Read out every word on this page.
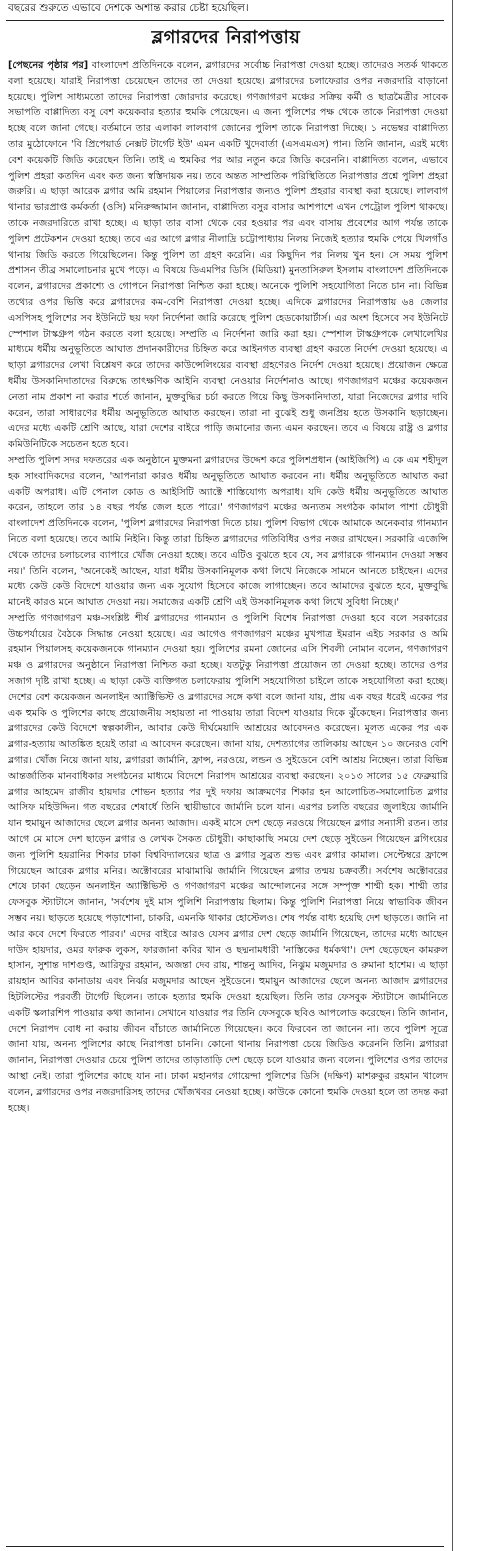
বছরের শুরুতে এভাবে দেশকে অশান্ত করার চেষ্টা হয়েছিল।
ব্লগারদের নিরাপত্তায়

[পেছনের পৃষ্ঠার পর] বাংলাদেশ প্রতিদিনকে বলেন, ব্লগারদের সর্বোচ্চ নিরাপত্তা দেওয়া হচ্ছে। তাদেরও সতর্ক থাকতে বলা হয়েছে। যারাই নিরাপত্তা চেয়েছেন তাদের তা দেওয়া হয়েছে। ব্লগারদের চলাফেরার ওপর নজরদারি বাড়ানো হয়েছে। পুলিশ সাধ্যমতো তাদের নিরাপত্তা জোরদার করেছে। গণজাগরণ মঞ্চের সক্রিয় কর্মী ও ছাত্রমৈত্রীর সাবেক সভাপতি বাপ্পাদিত্য বসু বেশ কয়েকবার হত্যার হুমকি পেয়েছেন। এ জন্য পুলিশের পক্ষ থেকে তাকে নিরাপত্তা দেওয়া হচ্ছে বলে জানা গেছে। বর্তমানে তার এলাকা লালবাগ জোনের পুলিশ তাকে নিরাপত্তা দিচ্ছে। ১ নভেম্বর বাপ্পাদিত্য তার মুঠোফোনে 'বি প্রিপেয়ার্ড নেক্সট টার্গেট ইউ' এমন একটি খুদেবার্তা (এসএমএস) পান। তিনি জানান, এরই মধ্যে বেশ কয়েকটি জিডি করেছেন তিনি। তাই এ হুমকির পর আর নতুন করে জিডি করেননি। বাপ্পাদিত্য বলেন, এভাবে পুলিশ প্রহরা কতদিন এবং কত জন্য স্বস্তিদায়ক নয়। তবে অন্তত সাম্প্রতিক পরিস্থিতিতে নিরাপত্তার প্রশ্নে পুলিশ প্রহরা জরুরি। এ ছাড়া আরেক ব্লগার অমি রহমান পিয়ালের নিরাপত্তার জন্যও পুলিশ প্রহরার ব্যবস্থা করা হয়েছে। লালবাগ থানার ভারপ্রাপ্ত কর্মকর্তা (ওসি) মনিরুজ্জামান জানান, বাপ্পাদিত্য বসুর বাসার আশপাশে এখন পেট্রোল পুলিশ থাকছে। তাকে নজরদারিতে রাখা হচ্ছে। এ ছাড়া তার বাসা থেকে বের হওয়ার পর এবং বাসায় প্রবেশের আগ পর্যন্ত তাকে পুলিশ প্রটেকশন দেওয়া হচ্ছে। তবে এর আগে ব্লগার নীলাদ্রি চট্টোপাধ্যায় নিলয় নিজেই হত্যার হুমকি পেয়ে খিলগাঁও থানায় জিডি করতে গিয়েছিলেন। কিন্তু পুলিশ তা গ্রহণ করেনি। এর কিছুদিন পর নিলয় খুন হন। সে সময় পুলিশ প্রশাসন তীব্র সমালোচনার মুখে পড়ে। এ বিষয়ে ডিএমপির ডিসি (মিডিয়া) মুনতাসিরুল ইসলাম বাংলাদেশ প্রতিদিনকে বলেন, ব্লগারদের প্রকাশ্যে ও গোপনে নিরাপত্তা নিশ্চিত করা হচ্ছে। অনেকে পুলিশি সহযোগিতা নিতে চান না। বিভিন্ন তথ্যের ওপর ভিত্তি করে ব্লগারদের কম-বেশি নিরাপত্তা দেওয়া হচ্ছে। এদিকে ব্লগারদের নিরাপত্তায় ৬৪ জেলার এসপিসহ পুলিশের সব ইউনিটে ছয় দফা নির্দেশনা জারি করেছে পুলিশ হেডকোয়ার্টার্স। এর অংশ হিসেবে সব ইউনিটে স্পেশাল টাস্কগ্রুপ গঠন করতে বলা হয়েছে। সম্প্রতি এ নির্দেশনা জারি করা হয়। স্পেশাল টাস্কগ্রুপকে লেখালেখির মাধ্যমে ধর্মীয় অনুভূতিতে আঘাত প্রদানকারীদের চিহ্নিত করে আইনগত ব্যবস্থা গ্রহণ করতে নির্দেশ দেওয়া হয়েছে। এ ছাড়া ব্লগারদের লেখা বিশ্লেষণ করে তাদের কাউন্সেলিংয়ের ব্যবস্থা গ্রহণেরও নির্দেশ দেওয়া হয়েছে। প্রয়োজন ক্ষেত্রে ধর্মীয় উসকানিদাতাদের বিরুদ্ধে তাৎক্ষণিক আইনি ব্যবস্থা নেওয়ার নির্দেশনাও আছে। গণজাগরণ মঞ্চের কয়েকজন নেতা নাম প্রকাশ না করার শর্তে জানান, মুক্তবুদ্ধির চর্চা করতে গিয়ে কিছু উসকানিদাতা, যারা নিজেদের ব্লগার দাবি করেন, তারা সাধারণের ধর্মীয় অনুভূতিতে আঘাত করছেন। তারা না বুঝেই শুধু জনপ্রিয় হতে উসকানি ছড়াচ্ছেন। এদের মধ্যে একটি শ্রেণি আছে, যারা দেশের বাইরে পাড়ি জমানোর জন্য এমন করছেন। তবে এ বিষয়ে রাষ্ট্র ও ব্লগার কমিউনিটিকে সচেতন হতে হবে।

সম্প্রতি পুলিশ সদর দফতরের এক অনুষ্ঠানে মুক্তমনা ব্লগারদের উদ্দেশ করে পুলিশপ্রধান (আইজিপি) এ কে এম শহীদুল হক সাংবাদিকদের বলেন, 'আপনারা কারও ধর্মীয় অনুভূতিতে আঘাত করবেন না। ধর্মীয় অনুভূতিতে আঘাত করা একটি অপরাধ। এটি পেনাল কোড ও আইসিটি অ্যাক্টে শাস্তিযোগ্য অপরাধ। যদি কেউ ধর্মীয় অনুভূতিতে আঘাত করেন, তাহলে তার ১৪ বছর পর্যন্ত জেল হতে পারে।' গণজাগরণ মঞ্চের অন্যতম সংগঠক কামাল পাশা চৌধুরী বাংলাদেশ প্রতিদিনকে বলেন, 'পুলিশ ব্লগারদের নিরাপত্তা দিতে চায়। পুলিশ বিভাগ থেকে আমাকে অনেকবার গানম্যান নিতে বলা হয়েছে। তবে আমি নিইনি। কিন্তু তারা চিহ্নিত ব্লগারদের গতিবিধির ওপর নজর রাখছেন। সরকারি এজেন্সি থেকে তাদের চলাচলের ব্যাপারে খোঁজ নেওয়া হচ্ছে। তবে এটিও বুঝতে হবে যে, সব ব্লগারকে গানম্যান দেওয়া সম্ভব নয়।' তিনি বলেন, 'অনেকেই আছেন, যারা ধর্মীয় উসকানিমূলক কথা লিখে নিজেকে সামনে আনতে চাইছেন। এদের মধ্যে কেউ কেউ বিদেশে যাওয়ার জন্য এক সুযোগ হিসেবে কাজে লাগাচ্ছেন। তবে আমাদের বুঝতে হবে, মুক্তবুদ্ধি মানেই কারও মনে আঘাত দেওয়া নয়। সমাজের একটি শ্রেণি এই উসকানিমূলক কথা লিখে সুবিধা নিচ্ছে।'

সম্প্রতি গণজাগরণ মঞ্চ-সংশ্লিষ্ট শীর্ষ ব্লগারদের গানম্যান ও পুলিশি বিশেষ নিরাপত্তা দেওয়া হবে বলে সরকারের উচ্চপর্যায়ের বৈঠকে সিদ্ধান্ত নেওয়া হয়েছে। এর আগেও গণজাগরণ মঞ্চের মুখপাত্র ইমরান এইচ সরকার ও অমি রহমান পিয়ালসহ কয়েকজনকে গানম্যান দেওয়া হয়। পুলিশের রমনা জোনের এসি শিবলী নোমান বলেন, গণজাগরণ মঞ্চ ও ব্লগারদের অনুষ্ঠানে নিরাপত্তা নিশ্চিত করা হচ্ছে। যতটুকু নিরাপত্তা প্রয়োজন তা দেওয়া হচ্ছে। তাদের ওপর সজাগ দৃষ্টি রাখা হচ্ছে। এ ছাড়া কেউ ব্যক্তিগত চলাফেরায় পুলিশি সহযোগিতা চাইলে তাকে সহযোগিতা করা হচ্ছে। দেশের বেশ কয়েকজন অনলাইন অ্যাক্টিভিস্ট ও ব্লগারদের সঙ্গে কথা বলে জানা যায়, প্রায় এক বছর ধরেই একের পর এক হুমকি ও পুলিশের কাছে প্রয়োজনীয় সহায়তা না পাওয়ায় তারা বিদেশ যাওয়ার দিকে ঝুঁকেছেন। নিরাপত্তার জন্য ব্লগারদের কেউ বিদেশে স্বল্পকালীন, আবার কেউ দীর্ঘমেয়াদি আশ্রয়ের আবেদনও করেছেন। মূলত একের পর এক ব্লগার-হত্যায় আতঙ্কিত হয়েই তারা এ আবেদন করেছেন। জানা যায়, দেশত্যাগের তালিকায় আছেন ১০ জনেরও বেশি ব্লগার। খোঁজ নিয়ে জানা যায়, ব্লগাররা জার্মানি, ফ্রান্স, নরওয়ে, লন্ডন ও সুইডেনে বেশি আশ্রয় নিচ্ছেন। তারা বিভিন্ন আন্তর্জাতিক মানবাধিকার সংগঠনের মাধ্যমে বিদেশে নিরাপদ আশ্রয়ের ব্যবস্থা করছেন। ২০১৩ সালের ১৫ ফেব্রুয়ারি ব্লগার আহমেদ রাজীব হায়দার শোভন হত্যার পর দুই দফায় আক্রমণের শিকার হন আলোচিত-সমালোচিত ব্লগার আসিফ মহিউদ্দিন। গত বছরের শেষার্ধে তিনি স্থায়ীভাবে জার্মানি চলে যান। এরপর চলতি বছরের জুলাইয়ে জার্মানি যান হুমায়ুন আজাদের ছেলে ব্লগার অনন্য আজাদ। একই মাসে দেশ ছেড়ে নরওয়ে গিয়েছেন ব্লগার সন্যাসী রতন। তার আগে মে মাসে দেশ ছাড়েন ব্লগার ও লেখক সৈকত চৌধুরী। কাছাকাছি সময়ে দেশ ছেড়ে সুইডেন গিয়েছেন ব্লগিংয়ের জন্য পুলিশি হয়রানির শিকার ঢাকা বিশ্ববিদ্যালয়ের ছাত্র ও ব্লগার সুব্রত শুভ এবং ব্লগার কামাল। সেপ্টেম্বরে ফ্রান্সে গিয়েছেন আরেক ব্লগার মনির। অক্টোবরের মাঝামাঝি জার্মানি গিয়েছেন ব্লগার তন্ময় চক্রবর্তী। সর্বশেষ অক্টোবরের শেষে ঢাকা ছেড়েন অনলাইন অ্যাক্টিভিস্ট ও গণজাগরণ মঞ্চের আন্দোলনের সঙ্গে সম্পৃক্ত শাম্মী হক। শাম্মী তার ফেসবুক স্ট্যাটাসে জানান, 'সর্বশেষ দুই মাস পুলিশি নিরাপত্তায় ছিলাম। কিন্তু পুলিশি নিরাপত্তা নিয়ে স্বাভাবিক জীবন সম্ভব নয়। ছাড়তে হয়েছে পড়াশোনা, চাকরি, এমনকি থাকার হোস্টেলও। শেষ পর্যন্ত বাধ্য হয়েছি দেশ ছাড়তে। জানি না আর কবে দেশে ফিরতে পারব।' এদের বাইরে আরও যেসব ব্লগার দেশ ছেড়ে জার্মানি গিয়েছেন, তাদের মধ্যে আছেন দাউদ হায়দার, ওমর ফারুক লুকস, ফারজানা কবির খান ও ছদ্মনামধারী 'নাস্তিকের ধর্মকথা'। দেশ ছেড়েছেন কামরুল হাসান, সুশান্ত দাশগুপ্ত, আরিফুর রহমান, অজন্তা দেব রায়, শান্তনু আদিব, নিঝুম মজুমদার ও রুমানা হাশেম। এ ছাড়া রায়হান আবির কানাডায় এবং নির্ঝর মজুমদার আছেন সুইডেনে। হুমায়ুন আজাদের ছেলে অনন্য আজাদ ব্লগারদের হিটলিস্টের পরবর্তী টার্গেট ছিলেন। তাকে হত্যার হুমকি দেওয়া হয়েছিল। তিনি তার ফেসবুক স্ট্যাটাসে জার্মানিতে একটি স্কলারশিপ পাওয়ার কথা জানান। সেখানে যাওয়ার পর তিনি ফেসবুকে ছবিও আপলোড করেছেন। তিনি জানান, দেশে নিরাপদ বোধ না করায় জীবন বাঁচাতে জার্মানিতে গিয়েছেন। কবে ফিরবেন তা জানেন না। তবে পুলিশ সূত্রে জানা যায়, অনন্য পুলিশের কাছে নিরাপত্তা চাননি। কোনো থানায় নিরাপত্তা চেয়ে জিডিও করেননি তিনি। ব্লগাররা জানান, নিরাপত্তা দেওয়ার চেয়ে পুলিশ তাদের তাড়াতাড়ি দেশ ছেড়ে চলে যাওয়ার জন্য বলেন। পুলিশের ওপর তাদের আস্থা নেই। তারা পুলিশের কাছে যান না। ঢাকা মহানগর গোয়েন্দা পুলিশের ডিসি (দক্ষিণ) মাশরুকুর রহমান খালেদ বলেন, ব্লগারদের ওপর নজরদারিসহ তাদের খোঁজখবর নেওয়া হচ্ছে। কাউকে কোনো হুমকি দেওয়া হলে তা তদন্ত করা হচ্ছে।
